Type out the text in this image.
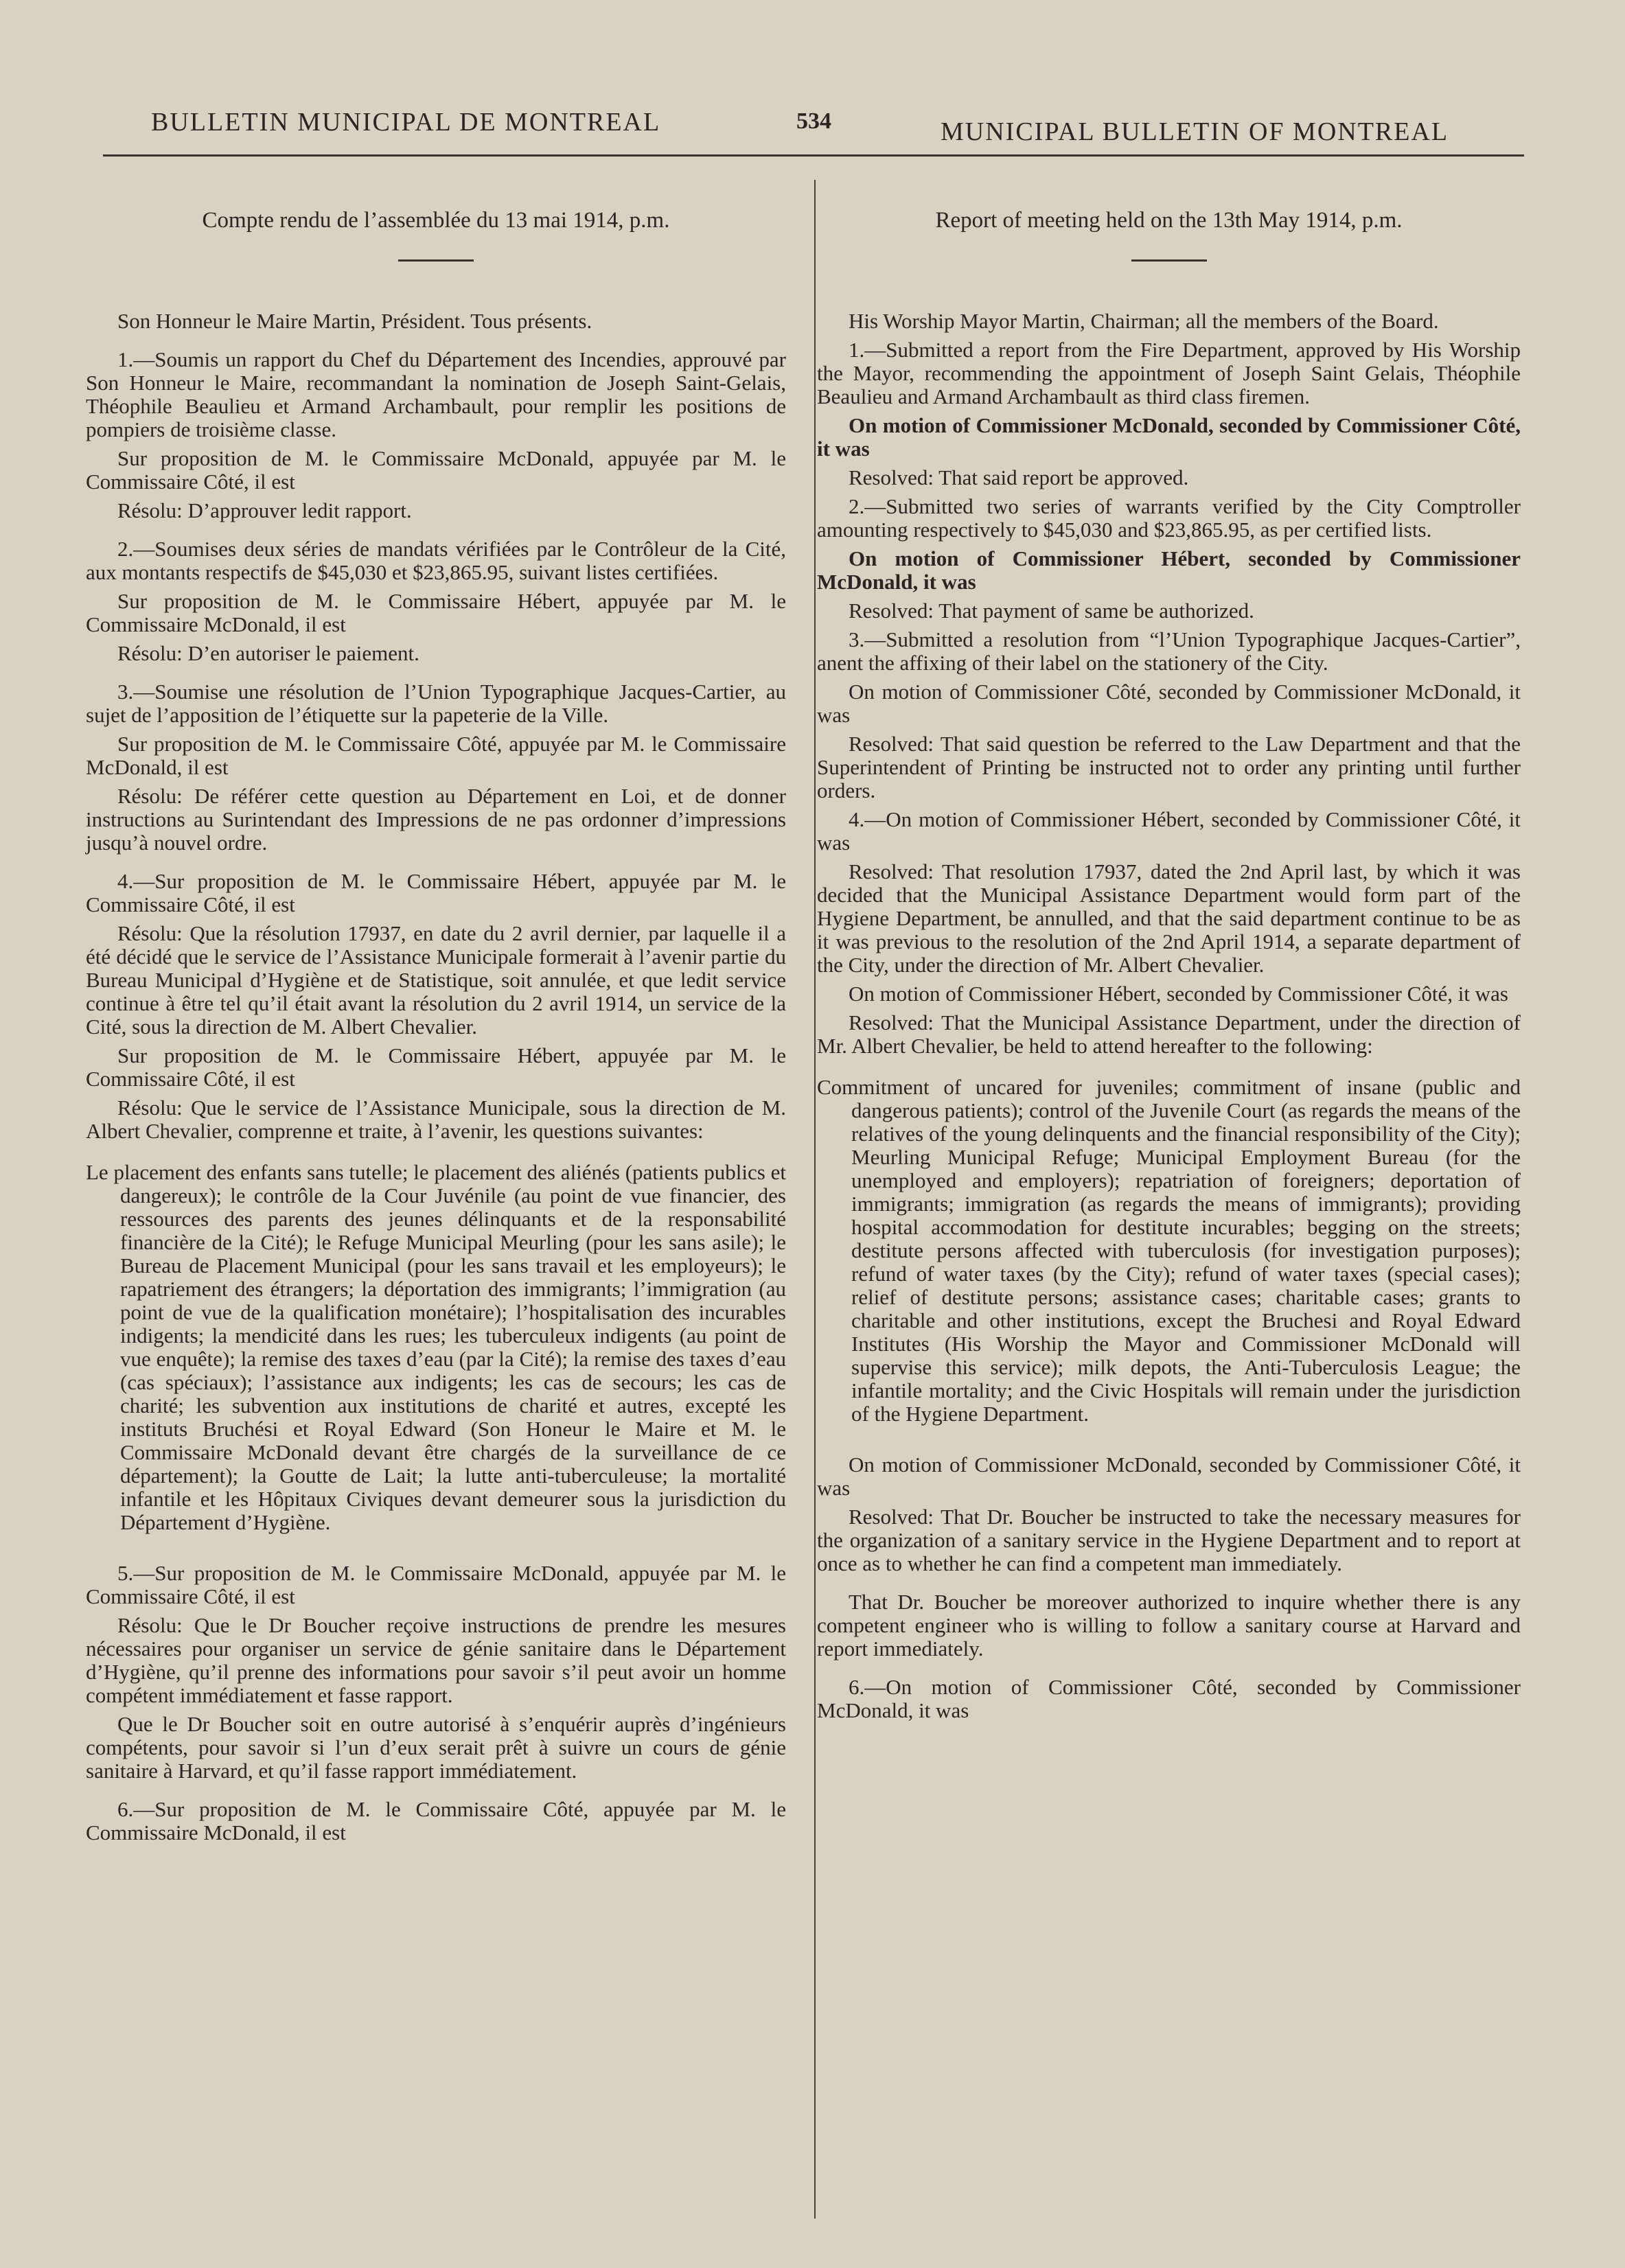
BULLETIN MUNICIPAL DE MONTREAL	534	MUNICIPAL BULLETIN OF MONTREAL
Compte rendu de l’assemblée du 13 mai 1914, p.m.

Son Honneur le Maire Martin, Président. Tous présents.

1.—Soumis un rapport du Chef du Département des Incendies, approuvé par Son Honneur le Maire, recommandant la nomination de Joseph Saint-Gelais, Théophile Beaulieu et Armand Archambault, pour remplir les positions de pompiers de troisième classe.

Sur proposition de M. le Commissaire McDonald, appuyée par M. le Commissaire Côté, il est

Résolu: D’approuver ledit rapport.

2.—Soumises deux séries de mandats vérifiées par le Contrôleur de la Cité, aux montants respectifs de $45,030 et $23,865.95, suivant listes certifiées.

Sur proposition de M. le Commissaire Hébert, appuyée par M. le Commissaire McDonald, il est

Résolu: D’en autoriser le paiement.

3.—Soumise une résolution de l’Union Typographique Jacques-Cartier, au sujet de l’apposition de l’étiquette sur la papeterie de la Ville.

Sur proposition de M. le Commissaire Côté, appuyée par M. le Commissaire McDonald, il est

Résolu: De référer cette question au Département en Loi, et de donner instructions au Surintendant des Impressions de ne pas ordonner d’impressions jusqu’à nouvel ordre.

4.—Sur proposition de M. le Commissaire Hébert, appuyée par M. le Commissaire Côté, il est

Résolu: Que la résolution 17937, en date du 2 avril dernier, par laquelle il a été décidé que le service de l’Assistance Municipale formerait à l’avenir partie du Bureau Municipal d’Hygiène et de Statistique, soit annulée, et que ledit service continue à être tel qu’il était avant la résolution du 2 avril 1914, un service de la Cité, sous la direction de M. Albert Chevalier.

Sur proposition de M. le Commissaire Hébert, appuyée par M. le Commissaire Côté, il est

Résolu: Que le service de l’Assistance Municipale, sous la direction de M. Albert Chevalier, comprenne et traite, à l’avenir, les questions suivantes:

Le placement des enfants sans tutelle; le placement des aliénés (patients publics et dangereux); le contrôle de la Cour Juvénile (au point de vue financier, des ressources des parents des jeunes délinquants et de la responsabilité financière de la Cité); le Refuge Municipal Meurling (pour les sans asile); le Bureau de Placement Municipal (pour les sans travail et les employeurs); le rapatriement des étrangers; la déportation des immigrants; l’immigration (au point de vue de la qualification monétaire); l’hospitalisation des incurables indigents; la mendicité dans les rues; les tuberculeux indigents (au point de vue enquête); la remise des taxes d’eau (par la Cité); la remise des taxes d’eau (cas spéciaux); l’assistance aux indigents; les cas de secours; les cas de charité; les subvention aux institutions de charité et autres, excepté les instituts Bruchési et Royal Edward (Son Honeur le Maire et M. le Commissaire McDonald devant être chargés de la surveillance de ce département); la Goutte de Lait; la lutte anti-tuberculeuse; la mortalité infantile et les Hôpitaux Civiques devant demeurer sous la jurisdiction du Département d’Hygiène.

5.—Sur proposition de M. le Commissaire McDonald, appuyée par M. le Commissaire Côté, il est

Résolu: Que le Dr Boucher reçoive instructions de prendre les mesures nécessaires pour organiser un service de génie sanitaire dans le Département d’Hygiène, qu’il prenne des informations pour savoir s’il peut avoir un homme compétent immédiatement et fasse rapport.

Que le Dr Boucher soit en outre autorisé à s’enquérir auprès d’ingénieurs compétents, pour savoir si l’un d’eux serait prêt à suivre un cours de génie sanitaire à Harvard, et qu’il fasse rapport immédiatement.

6.—Sur proposition de M. le Commissaire Côté, appuyée par M. le Commissaire McDonald, il est

Report of meeting held on the 13th May 1914, p.m.

His Worship Mayor Martin, Chairman; all the members of the Board.

1.—Submitted a report from the Fire Department, approved by His Worship the Mayor, recommending the appointment of Joseph Saint Gelais, Théophile Beaulieu and Armand Archambault as third class firemen.

On motion of Commissioner McDonald, seconded by Commissioner Côté, it was

Resolved: That said report be approved.

2.—Submitted two series of warrants verified by the City Comptroller amounting respectively to $45,030 and $23,865.95, as per certified lists.

On motion of Commissioner Hébert, seconded by Commissioner McDonald, it was

Resolved: That payment of same be authorized.

3.—Submitted a resolution from “l’Union Typographique Jacques-Cartier”, anent the affixing of their label on the stationery of the City.

On motion of Commissioner Côté, seconded by Commissioner McDonald, it was

Resolved: That said question be referred to the Law Department and that the Superintendent of Printing be instructed not to order any printing until further orders.

4.—On motion of Commissioner Hébert, seconded by Commissioner Côté, it was

Resolved: That resolution 17937, dated the 2nd April last, by which it was decided that the Municipal Assistance Department would form part of the Hygiene Department, be annulled, and that the said department continue to be as it was previous to the resolution of the 2nd April 1914, a separate department of the City, under the direction of Mr. Albert Chevalier.

On motion of Commissioner Hébert, seconded by Commissioner Côté, it was

Resolved: That the Municipal Assistance Department, under the direction of Mr. Albert Chevalier, be held to attend hereafter to the following:

Commitment of uncared for juveniles; commitment of insane (public and dangerous patients); control of the Juvenile Court (as regards the means of the relatives of the young delinquents and the financial responsibility of the City); Meurling Municipal Refuge; Municipal Employment Bureau (for the unemployed and employers); repatriation of foreigners; deportation of immigrants; immigration (as regards the means of immigrants); providing hospital accommodation for destitute incurables; begging on the streets; destitute persons affected with tuberculosis (for investigation purposes); refund of water taxes (by the City); refund of water taxes (special cases); relief of destitute persons; assistance cases; charitable cases; grants to charitable and other institutions, except the Bruchesi and Royal Edward Institutes (His Worship the Mayor and Commissioner McDonald will supervise this service); milk depots, the Anti-Tuberculosis League; the infantile mortality; and the Civic Hospitals will remain under the jurisdiction of the Hygiene Department.

On motion of Commissioner McDonald, seconded by Commissioner Côté, it was

Resolved: That Dr. Boucher be instructed to take the necessary measures for the organization of a sanitary service in the Hygiene Department and to report at once as to whether he can find a competent man immediately.

That Dr. Boucher be moreover authorized to inquire whether there is any competent engineer who is willing to follow a sanitary course at Harvard and report immediately.

6.—On motion of Commissioner Côté, seconded by Commissioner McDonald, it was
